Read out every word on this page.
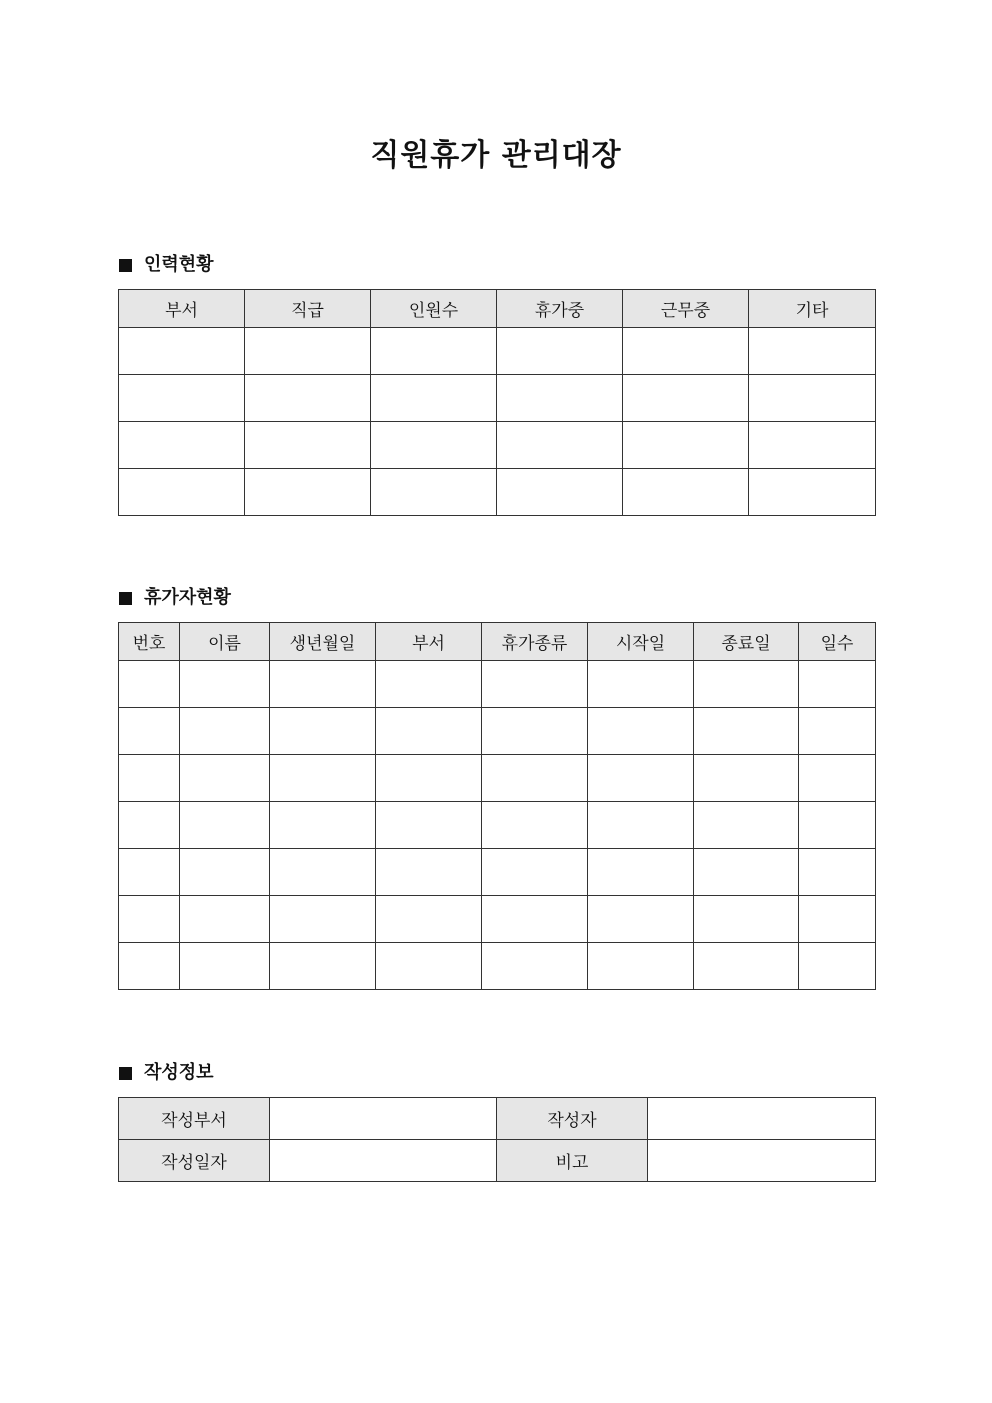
직원휴가 관리대장
인력현황
부서	직급	인원수	휴가중	근무중	기타

휴가자현황
번호	이름	생년월일	부서	휴가종류	시작일	종료일	일수

작성정보
작성부서		작성자	
작성일자		비고	
